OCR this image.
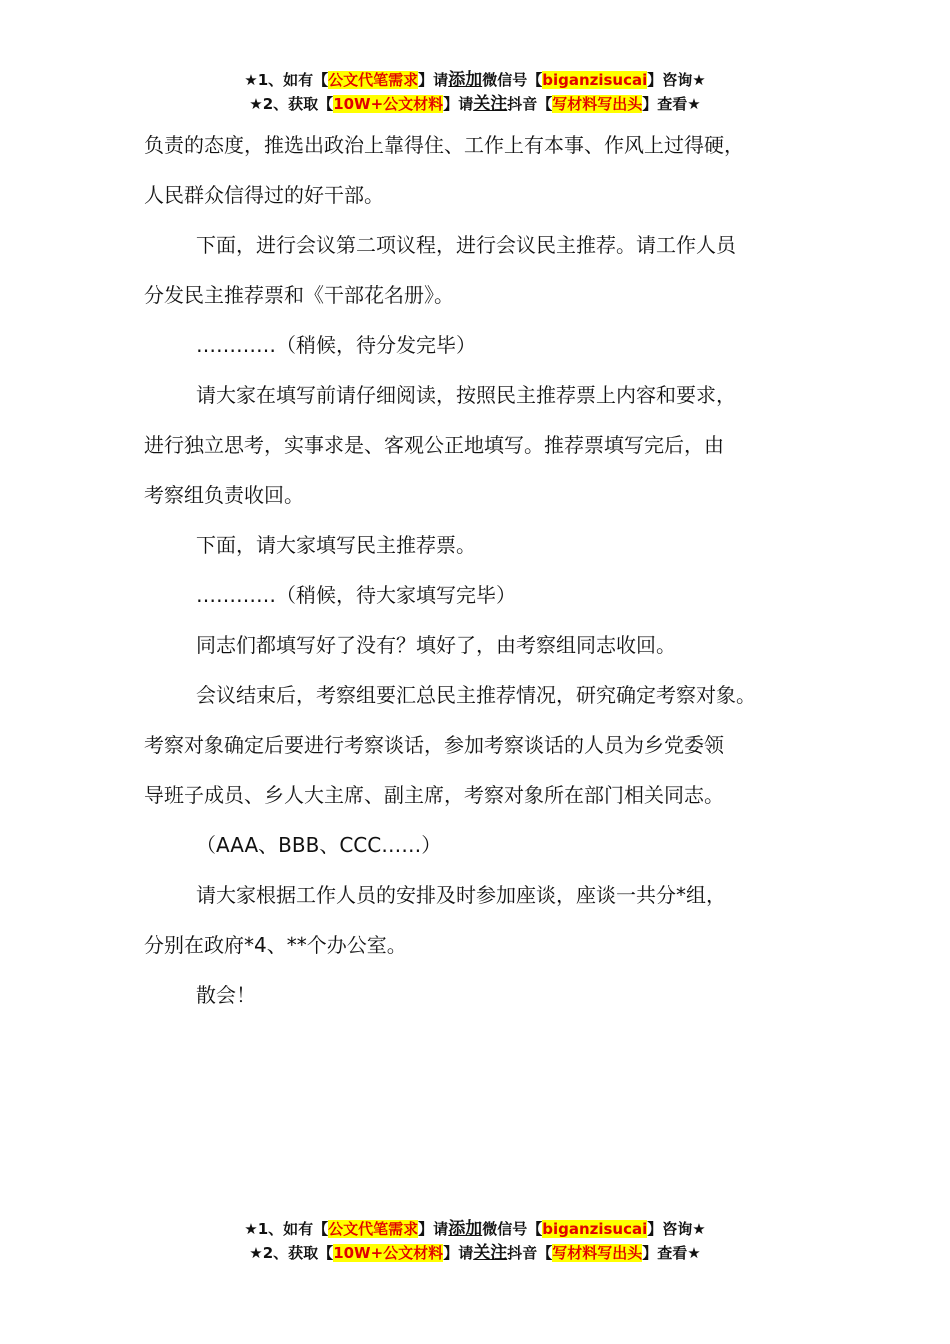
★1、如有【公文代笔需求】请添加微信号【biganzisucai】咨询★
★2、获取【10W+公文材料】请关注抖音【写材料写出头】查看★

负责的态度，推选出政治上靠得住、工作上有本事、作风上过得硬，

人民群众信得过的好干部。

下面，进行会议第二项议程，进行会议民主推荐。请工作人员

分发民主推荐票和《干部花名册》。

…………（稍候，待分发完毕）

请大家在填写前请仔细阅读，按照民主推荐票上内容和要求，

进行独立思考，实事求是、客观公正地填写。推荐票填写完后，由

考察组负责收回。

下面，请大家填写民主推荐票。

…………（稍候，待大家填写完毕）

同志们都填写好了没有？填好了，由考察组同志收回。

会议结束后，考察组要汇总民主推荐情况，研究确定考察对象。

考察对象确定后要进行考察谈话，参加考察谈话的人员为乡党委领

导班子成员、乡人大主席、副主席，考察对象所在部门相关同志。

（AAA、BBB、CCC……）

请大家根据工作人员的安排及时参加座谈，座谈一共分*组，

分别在政府*4、**个办公室。

散会！

★1、如有【公文代笔需求】请添加微信号【biganzisucai】咨询★
★2、获取【10W+公文材料】请关注抖音【写材料写出头】查看★
